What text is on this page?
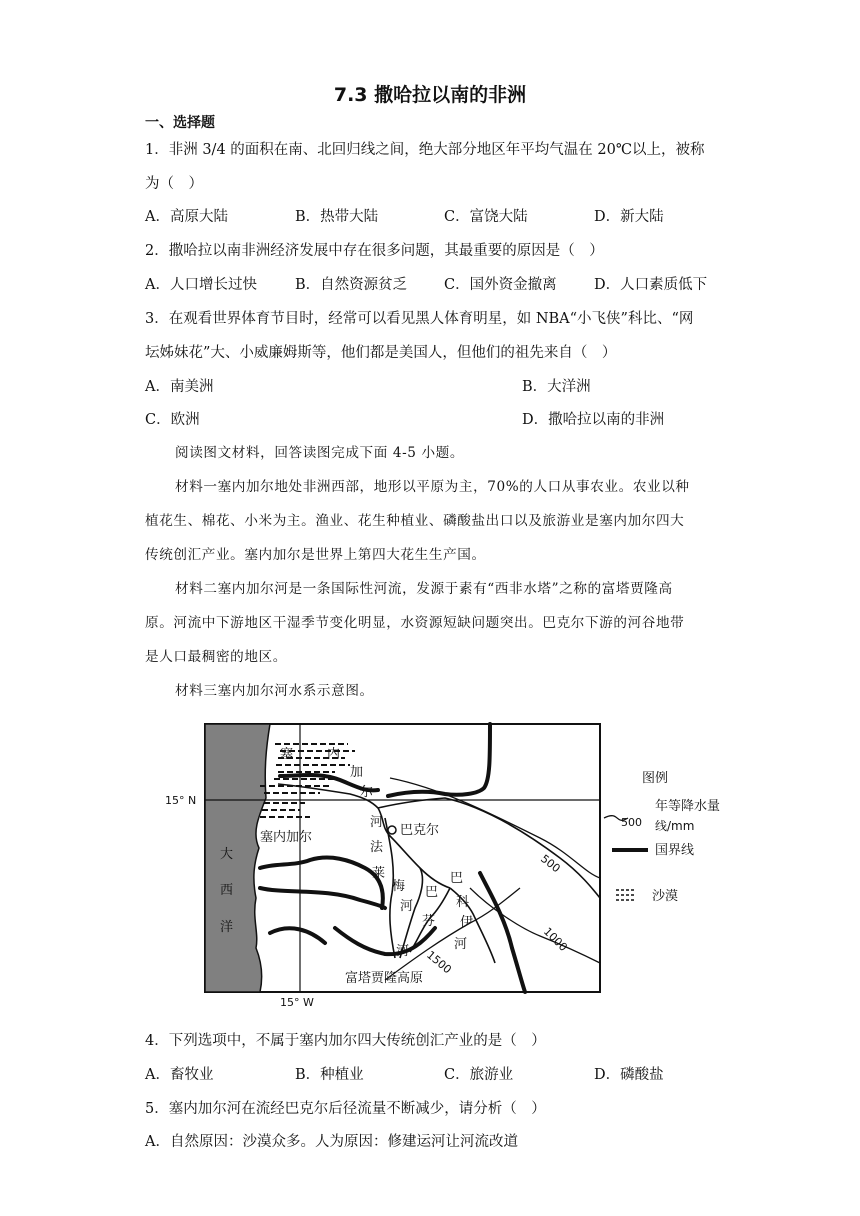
7.3 撒哈拉以南的非洲
一、选择题
1．非洲 3/4 的面积在南、北回归线之间，绝大部分地区年平均气温在 20℃以上，被称
为（　）
A．高原大陆	B．热带大陆	C．富饶大陆	D．新大陆
2．撒哈拉以南非洲经济发展中存在很多问题，其最重要的原因是（　）
A．人口增长过快	B．自然资源贫乏	C．国外资金撤离	D．人口素质低下
3．在观看世界体育节目时，经常可以看见黑人体育明星，如 NBA“小飞侠”科比、“网
坛姊妹花”大、小威廉姆斯等，他们都是美国人，但他们的祖先来自（　）
A．南美洲	B．大洋洲
C．欧洲	D．撒哈拉以南的非洲
阅读图文材料，回答读图完成下面 4-5 小题。
材料一塞内加尔地处非洲西部，地形以平原为主，70%的人口从事农业。农业以种
植花生、棉花、小米为主。渔业、花生种植业、磷酸盐出口以及旅游业是塞内加尔四大
传统创汇产业。塞内加尔是世界上第四大花生生产国。
材料二塞内加尔河是一条国际性河流，发源于素有“西非水塔”之称的富塔贾隆高
原。河流中下游地区干湿季节变化明显，水资源短缺问题突出。巴克尔下游的河谷地带
是人口最稠密的地区。
材料三塞内加尔河水系示意图。
15° N
15° W
大
西
洋
塞	内
加
尔
河
塞内加尔	巴克尔
法
莱
梅
河
巴
芬
河
巴
科
伊
河
富塔贾隆高原
500
1000
1500
图例
500
年等降水量
线/mm
国界线
沙漠
4．下列选项中，不属于塞内加尔四大传统创汇产业的是（　）
A．畜牧业	B．种植业	C．旅游业	D．磷酸盐
5．塞内加尔河在流经巴克尔后径流量不断减少，请分析（　）
A．自然原因：沙漠众多。人为原因：修建运河让河流改道
